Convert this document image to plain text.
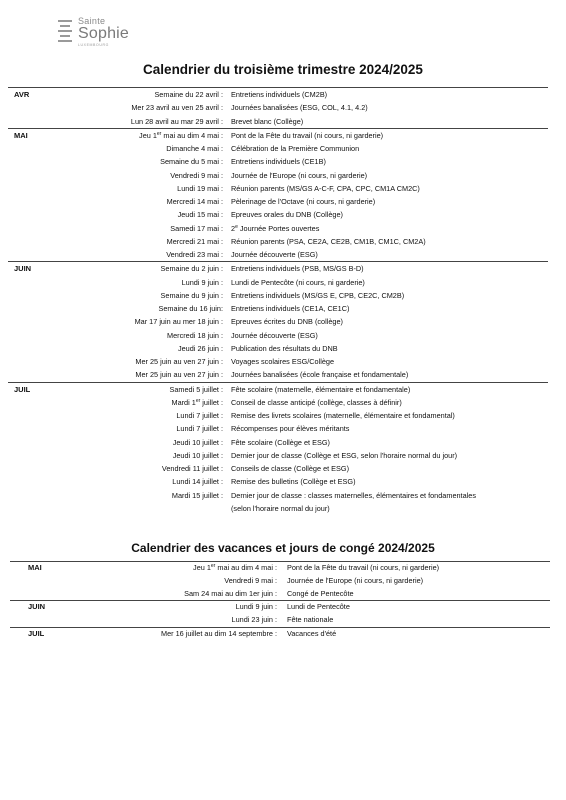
Sainte
Sophie
LUXEMBOURG
Calendrier du troisième trimestre 2024/2025
AVR	Semaine du 22 avril :	Entretiens individuels (CM2B)
Mer 23 avril au ven 25 avril :	Journées banalisées (ESG, COL, 4.1, 4.2)
Lun 28 avril au mar 29 avril :	Brevet blanc (Collège)
MAI	Jeu 1er mai au dim 4 mai :	Pont de la Fête du travail (ni cours, ni garderie)
Dimanche 4 mai :	Célébration de la Première Communion
Semaine du 5 mai :	Entretiens individuels (CE1B)
Vendredi 9 mai :	Journée de l'Europe (ni cours, ni garderie)
Lundi 19 mai :	Réunion parents (MS/GS A-C-F, CPA, CPC, CM1A CM2C)
Mercredi 14 mai :	Pèlerinage de l'Octave (ni cours, ni garderie)
Jeudi 15 mai :	Epreuves orales du DNB (Collège)
Samedi 17 mai :	2e Journée Portes ouvertes
Mercredi 21 mai :	Réunion parents (PSA, CE2A, CE2B, CM1B, CM1C, CM2A)
Vendredi 23 mai :	Journée découverte (ESG)
JUIN	Semaine du 2 juin :	Entretiens individuels (PSB, MS/GS B-D)
Lundi 9 juin :	Lundi de Pentecôte (ni cours, ni garderie)
Semaine du 9 juin :	Entretiens individuels (MS/GS E, CPB, CE2C, CM2B)
Semaine du 16 juin:	Entretiens individuels (CE1A, CE1C)
Mar 17 juin au mer 18 juin :	Epreuves écrites du DNB (collège)
Mercredi 18 juin :	Journée découverte (ESG)
Jeudi 26 juin :	Publication des résultats du DNB
Mer 25 juin au ven 27 juin :	Voyages scolaires ESG/Collège
Mer 25 juin au ven 27 juin :	Journées banalisées (école française et fondamentale)
JUIL	Samedi 5 juillet :	Fête scolaire (maternelle, élémentaire et fondamentale)
Mardi 1er juillet :	Conseil de classe anticipé (collège, classes à définir)
Lundi 7 juillet :	Remise des livrets scolaires (maternelle, élémentaire et fondamental)
Lundi 7 juillet :	Récompenses pour élèves méritants
Jeudi 10 juillet :	Fête scolaire (Collège et ESG)
Jeudi 10 juillet :	Dernier jour de classe (Collège et ESG, selon l'horaire normal du jour)
Vendredi 11 juillet :	Conseils de classe (Collège et ESG)
Lundi 14 juillet :	Remise des bulletins (Collège et ESG)
Mardi 15 juillet :	Dernier jour de classe : classes maternelles, élémentaires et fondamentales
(selon l'horaire normal du jour)
Calendrier des vacances et jours de congé 2024/2025
MAI	Jeu 1er mai au dim 4 mai :	Pont de la Fête du travail (ni cours, ni garderie)
Vendredi 9 mai :	Journée de l'Europe (ni cours, ni garderie)
Sam 24 mai au dim 1er juin :	Congé de Pentecôte
JUIN	Lundi 9 juin :	Lundi de Pentecôte
Lundi 23 juin :	Fête nationale
JUIL	Mer 16 juillet au dim 14 septembre :	Vacances d'été
